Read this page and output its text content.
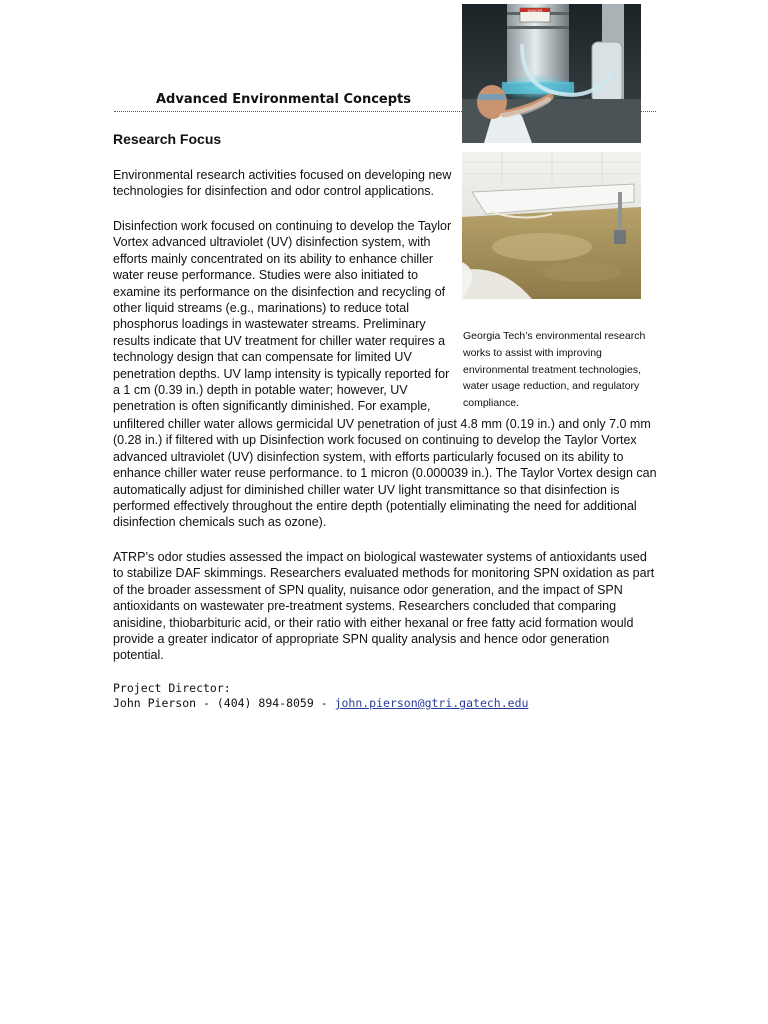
Advanced Environmental Concepts
DANGER

Georgia Tech’s environmental research works to assist with improving environmental treatment technologies, water usage reduction, and regulatory compliance.

Research Focus

Environmental research activities focused on developing new technologies for disinfection and odor control applications.

Disinfection work focused on continuing to develop the Taylor Vortex advanced ultraviolet (UV) disinfection system, with efforts mainly concentrated on its ability to enhance chiller water reuse performance. Studies were also initiated to examine its performance on the disinfection and recycling of other liquid streams (e.g., marinations) to reduce total phosphorus loadings in wastewater streams. Preliminary results indicate that UV treatment for chiller water requires a technology design that can compensate for limited UV penetration depths. UV lamp intensity is typically reported for a 1 cm (0.39 in.) depth in potable water; however, UV penetration is often significantly diminished. For example,

unfiltered chiller water allows germicidal UV penetration of just 4.8 mm (0.19 in.) and only 7.0 mm (0.28 in.) if filtered with up Disinfection work focused on continuing to develop the Taylor Vortex advanced ultraviolet (UV) disinfection system, with efforts particularly focused on its ability to enhance chiller water reuse performance. to 1 micron (0.000039 in.). The Taylor Vortex design can automatically adjust for diminished chiller water UV light transmittance so that disinfection is performed effectively throughout the entire depth (potentially eliminating the need for additional disinfection chemicals such as ozone).

ATRP’s odor studies assessed the impact on biological wastewater systems of antioxidants used to stabilize DAF skimmings. Researchers evaluated methods for monitoring SPN oxidation as part of the broader assessment of SPN quality, nuisance odor generation, and the impact of SPN antioxidants on wastewater pre-treatment systems. Researchers concluded that comparing anisidine, thiobarbituric acid, or their ratio with either hexanal or free fatty acid formation would provide a greater indicator of appropriate SPN quality analysis and hence odor generation potential.

Project Director:
John Pierson - (404) 894-8059 - john.pierson@gtri.gatech.edu
